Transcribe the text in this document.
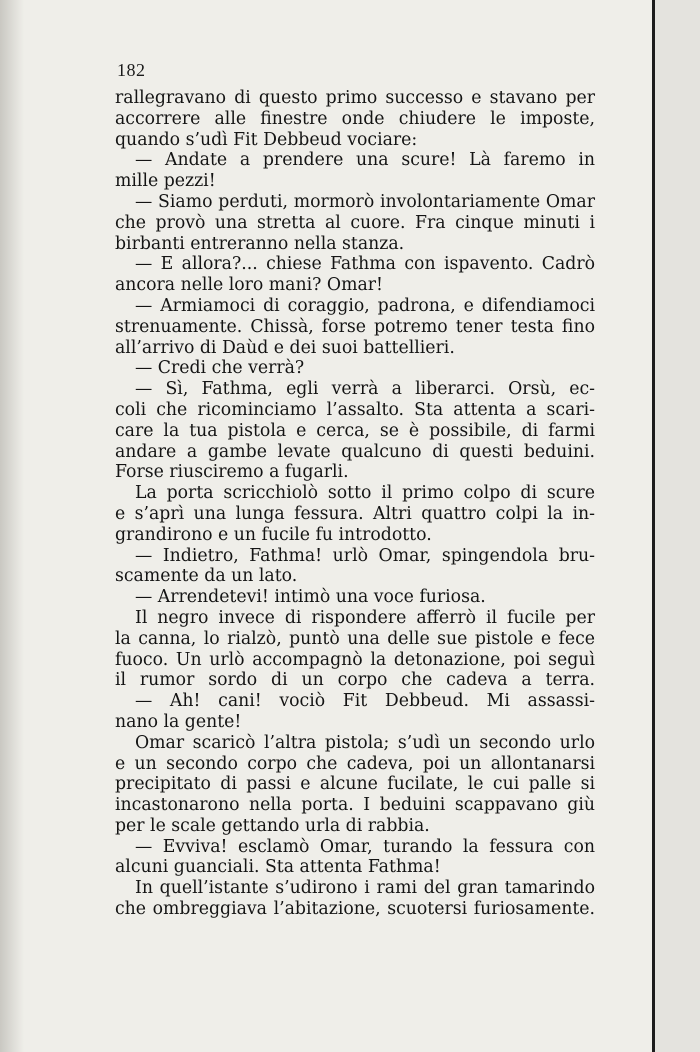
182
rallegravano di questo primo successo e stavano per
accorrere alle finestre onde chiudere le imposte,
quando s’udì Fit Debbeud vociare:
— Andate a prendere una scure! Là faremo in
mille pezzi!
— Siamo perduti, mormorò involontariamente Omar
che provò una stretta al cuore. Fra cinque minuti i
birbanti entreranno nella stanza.
— E allora?... chiese Fathma con ispavento. Cadrò
ancora nelle loro mani? Omar!
— Armiamoci di coraggio, padrona, e difendiamoci
strenuamente. Chissà, forse potremo tener testa fino
all’arrivo di Daùd e dei suoi battellieri.
— Credi che verrà?
— Sì, Fathma, egli verrà a liberarci. Orsù, ec-
coli che ricominciamo l’assalto. Sta attenta a scari-
care la tua pistola e cerca, se è possibile, di farmi
andare a gambe levate qualcuno di questi beduini.
Forse riusciremo a fugarli.
La porta scricchiolò sotto il primo colpo di scure
e s’aprì una lunga fessura. Altri quattro colpi la in-
grandirono e un fucile fu introdotto.
— Indietro, Fathma! urlò Omar, spingendola bru-
scamente da un lato.
— Arrendetevi! intimò una voce furiosa.
Il negro invece di rispondere afferrò il fucile per
la canna, lo rialzò, puntò una delle sue pistole e fece
fuoco. Un urlò accompagnò la detonazione, poi seguì
il rumor sordo di un corpo che cadeva a terra.
— Ah! cani! vociò Fit Debbeud. Mi assassi-
nano la gente!
Omar scaricò l’altra pistola; s’udì un secondo urlo
e un secondo corpo che cadeva, poi un allontanarsi
precipitato di passi e alcune fucilate, le cui palle si
incastonarono nella porta. I beduini scappavano giù
per le scale gettando urla di rabbia.
— Evviva! esclamò Omar, turando la fessura con
alcuni guanciali. Sta attenta Fathma!
In quell’istante s’udirono i rami del gran tamarindo
che ombreggiava l’abitazione, scuotersi furiosamente.
